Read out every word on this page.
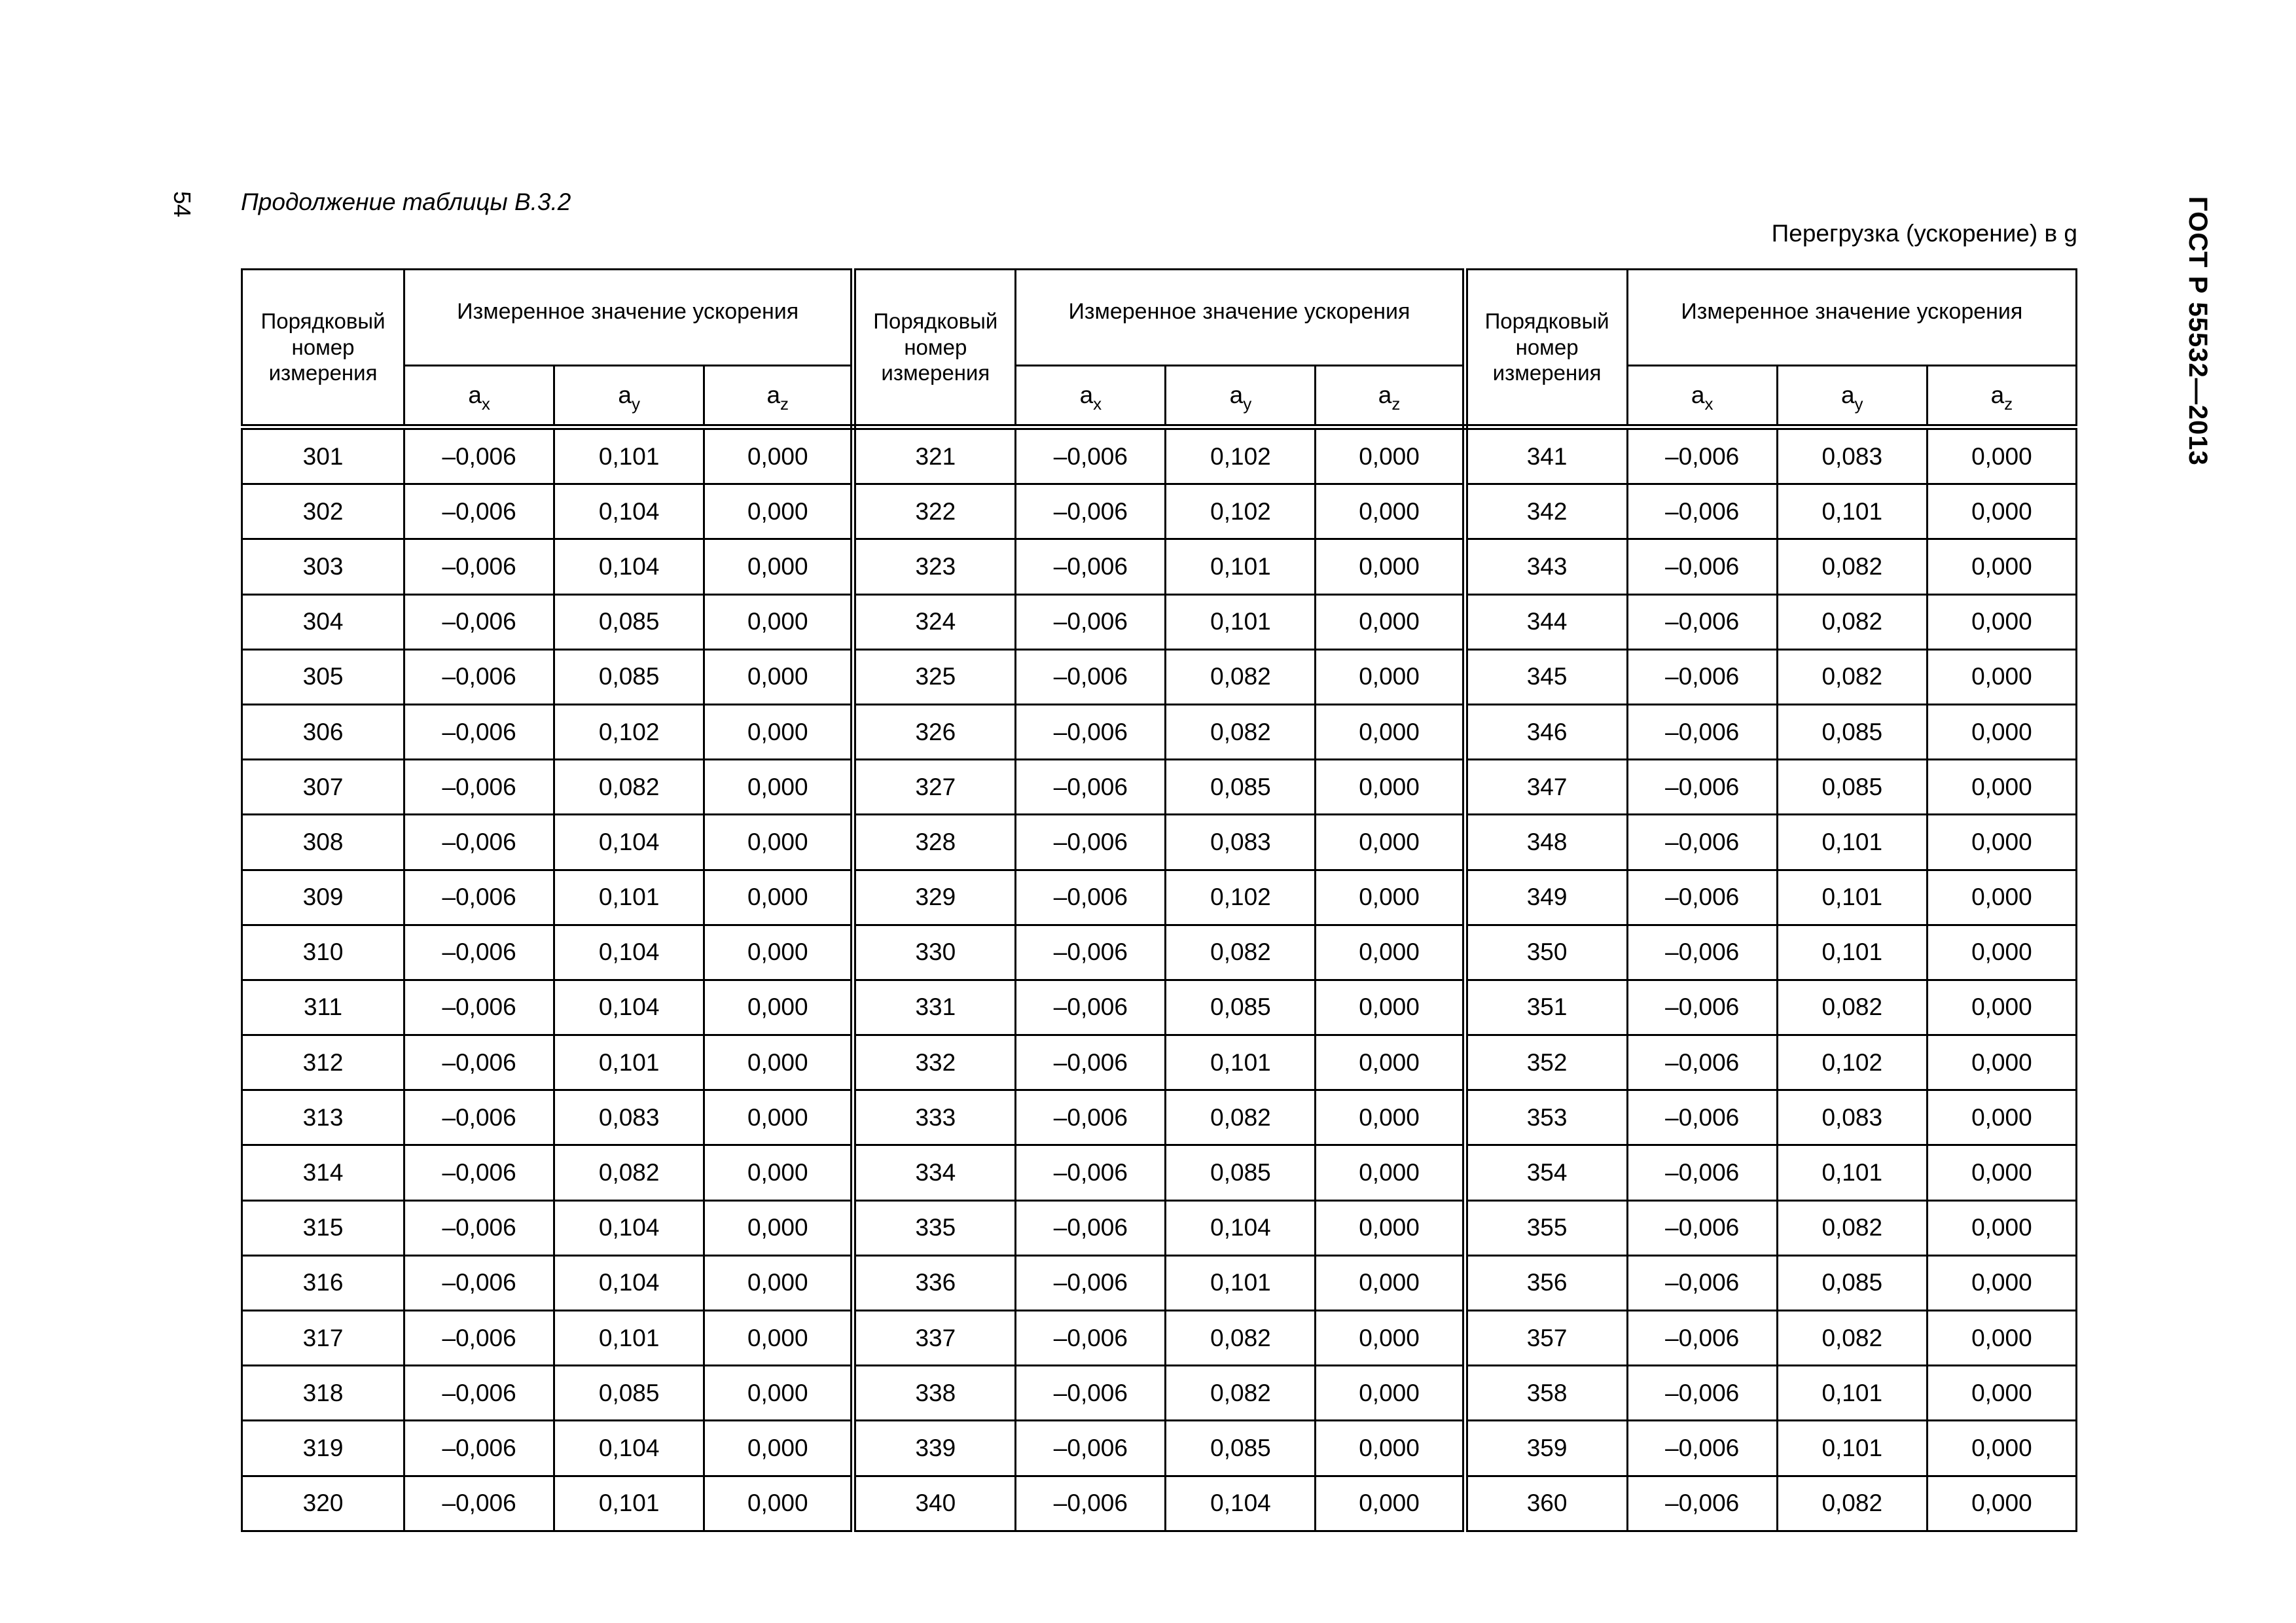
54 Продолжение таблицы В.3.2
Перегрузка (ускорение) в g	ГОСТ Р 55532—2013
Порядковый номер измерения	Измеренное значение ускорения			Порядковый номер измерения	Измеренное значение ускорения			Порядковый номер измерения	Измеренное значение ускорения		
	$a_x$	$a_y$	$a_z$		$a_x$	$a_y$	$a_z$		$a_x$	$a_y$	$a_z$
301	–0,006	0,101	0,000	321	–0,006	0,102	0,000	341	–0,006	0,083	0,000
302	–0,006	0,104	0,000	322	–0,006	0,102	0,000	342	–0,006	0,101	0,000
303	–0,006	0,104	0,000	323	–0,006	0,101	0,000	343	–0,006	0,082	0,000
304	–0,006	0,085	0,000	324	–0,006	0,101	0,000	344	–0,006	0,082	0,000
305	–0,006	0,085	0,000	325	–0,006	0,082	0,000	345	–0,006	0,082	0,000
306	–0,006	0,102	0,000	326	–0,006	0,082	0,000	346	–0,006	0,085	0,000
307	–0,006	0,082	0,000	327	–0,006	0,085	0,000	347	–0,006	0,085	0,000
308	–0,006	0,104	0,000	328	–0,006	0,083	0,000	348	–0,006	0,101	0,000
309	–0,006	0,101	0,000	329	–0,006	0,102	0,000	349	–0,006	0,101	0,000
310	–0,006	0,104	0,000	330	–0,006	0,082	0,000	350	–0,006	0,101	0,000
311	–0,006	0,104	0,000	331	–0,006	0,085	0,000	351	–0,006	0,082	0,000
312	–0,006	0,101	0,000	332	–0,006	0,101	0,000	352	–0,006	0,102	0,000
313	–0,006	0,083	0,000	333	–0,006	0,082	0,000	353	–0,006	0,083	0,000
314	–0,006	0,082	0,000	334	–0,006	0,085	0,000	354	–0,006	0,101	0,000
315	–0,006	0,104	0,000	335	–0,006	0,104	0,000	355	–0,006	0,082	0,000
316	–0,006	0,104	0,000	336	–0,006	0,101	0,000	356	–0,006	0,085	0,000
317	–0,006	0,101	0,000	337	–0,006	0,082	0,000	357	–0,006	0,082	0,000
318	–0,006	0,085	0,000	338	–0,006	0,082	0,000	358	–0,006	0,101	0,000
319	–0,006	0,104	0,000	339	–0,006	0,085	0,000	359	–0,006	0,101	0,000
320	–0,006	0,101	0,000	340	–0,006	0,104	0,000	360	–0,006	0,082	0,000
